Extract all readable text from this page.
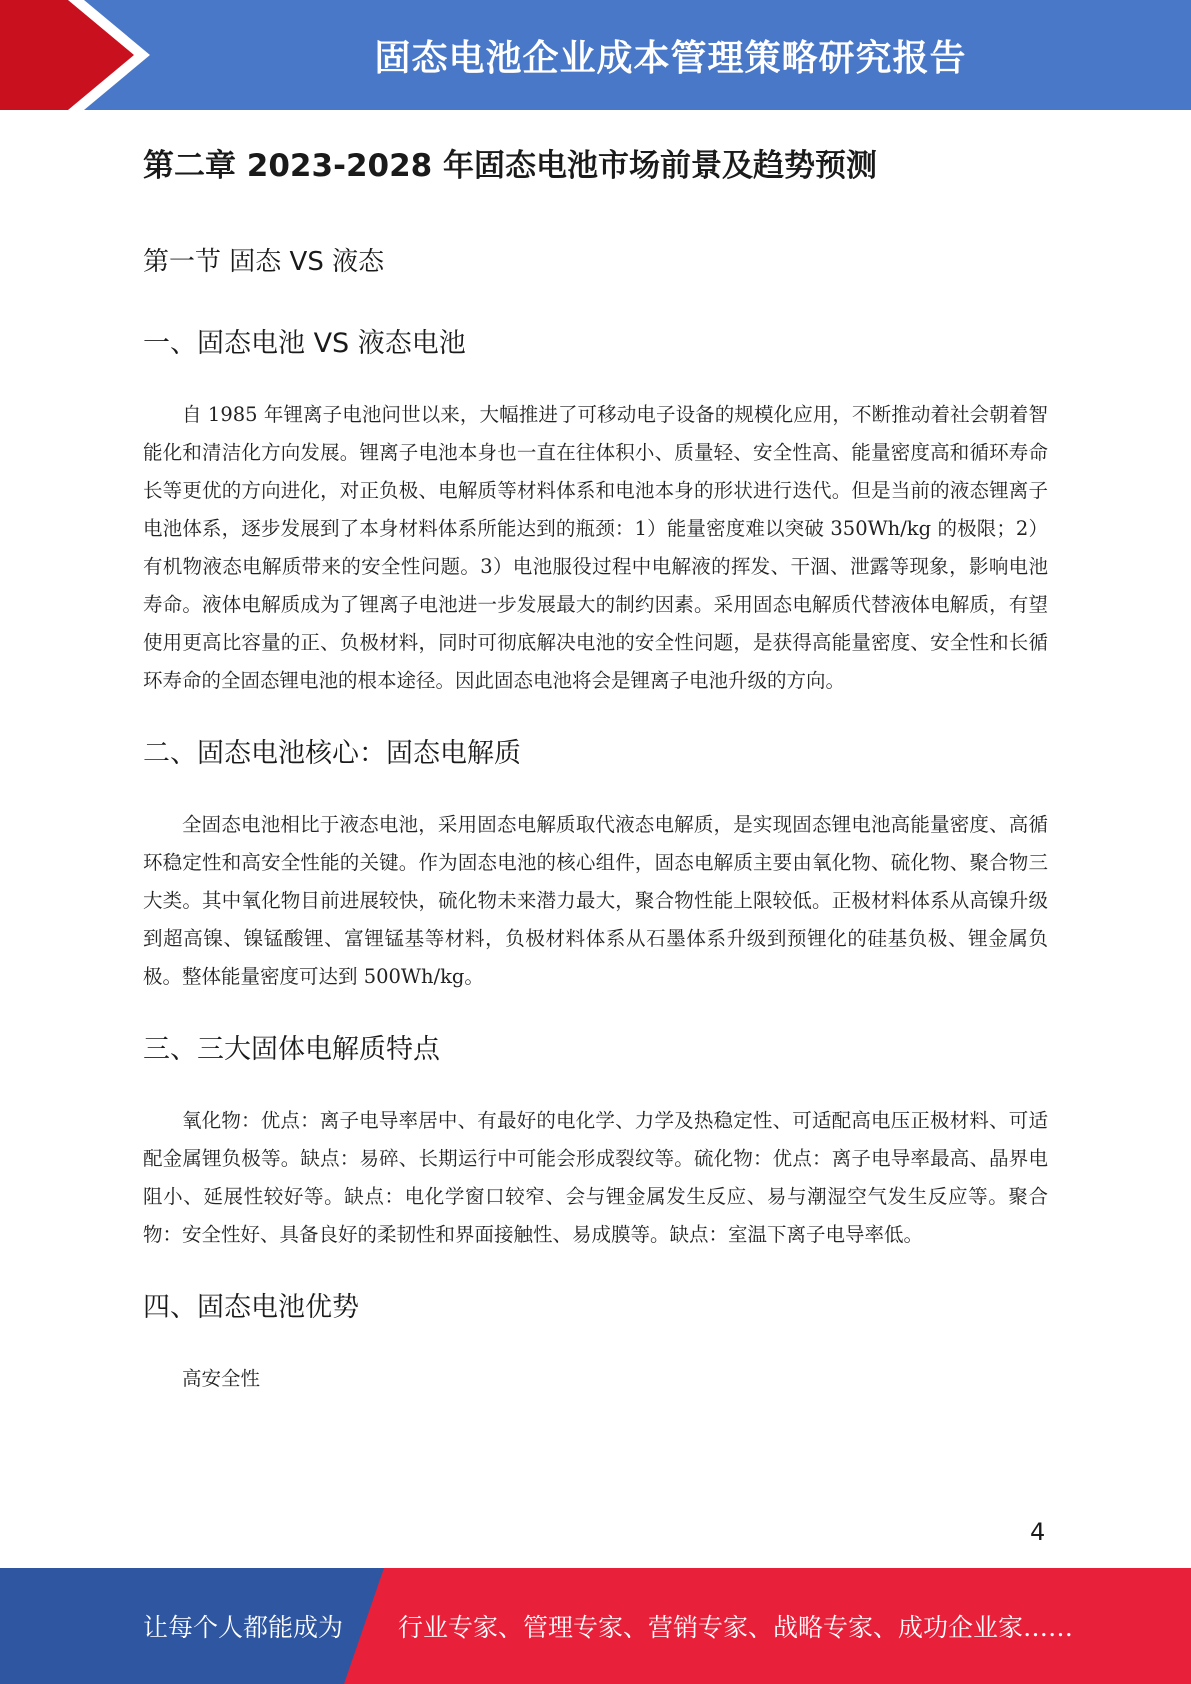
固态电池企业成本管理策略研究报告
第二章 2023-2028 年固态电池市场前景及趋势预测
第一节 固态 VS 液态
一、固态电池 VS 液态电池

自 1985 年锂离子电池问世以来，大幅推进了可移动电子设备的规模化应用，不断推动着社会朝着智能化和清洁化方向发展。锂离子电池本身也一直在往体积小、质量轻、安全性高、能量密度高和循环寿命长等更优的方向进化，对正负极、电解质等材料体系和电池本身的形状进行迭代。但是当前的液态锂离子电池体系，逐步发展到了本身材料体系所能达到的瓶颈：1）能量密度难以突破 350Wh/kg 的极限；2）有机物液态电解质带来的安全性问题。3）电池服役过程中电解液的挥发、干涸、泄露等现象，影响电池寿命。液体电解质成为了锂离子电池进一步发展最大的制约因素。采用固态电解质代替液体电解质，有望使用更高比容量的正、负极材料，同时可彻底解决电池的安全性问题，是获得高能量密度、安全性和长循环寿命的全固态锂电池的根本途径。因此固态电池将会是锂离子电池升级的方向。

二、固态电池核心：固态电解质

全固态电池相比于液态电池，采用固态电解质取代液态电解质，是实现固态锂电池高能量密度、高循环稳定性和高安全性能的关键。作为固态电池的核心组件，固态电解质主要由氧化物、硫化物、聚合物三大类。其中氧化物目前进展较快，硫化物未来潜力最大，聚合物性能上限较低。正极材料体系从高镍升级到超高镍、镍锰酸锂、富锂锰基等材料，负极材料体系从石墨体系升级到预锂化的硅基负极、锂金属负极。整体能量密度可达到 500Wh/kg。

三、三大固体电解质特点

氧化物：优点：离子电导率居中、有最好的电化学、力学及热稳定性、可适配高电压正极材料、可适配金属锂负极等。缺点：易碎、长期运行中可能会形成裂纹等。硫化物：优点：离子电导率最高、晶界电阻小、延展性较好等。缺点：电化学窗口较窄、会与锂金属发生反应、易与潮湿空气发生反应等。聚合物：安全性好、具备良好的柔韧性和界面接触性、易成膜等。缺点：室温下离子电导率低。

四、固态电池优势

高安全性

4
让每个人都能成为 行业专家、管理专家、营销专家、战略专家、成功企业家……
